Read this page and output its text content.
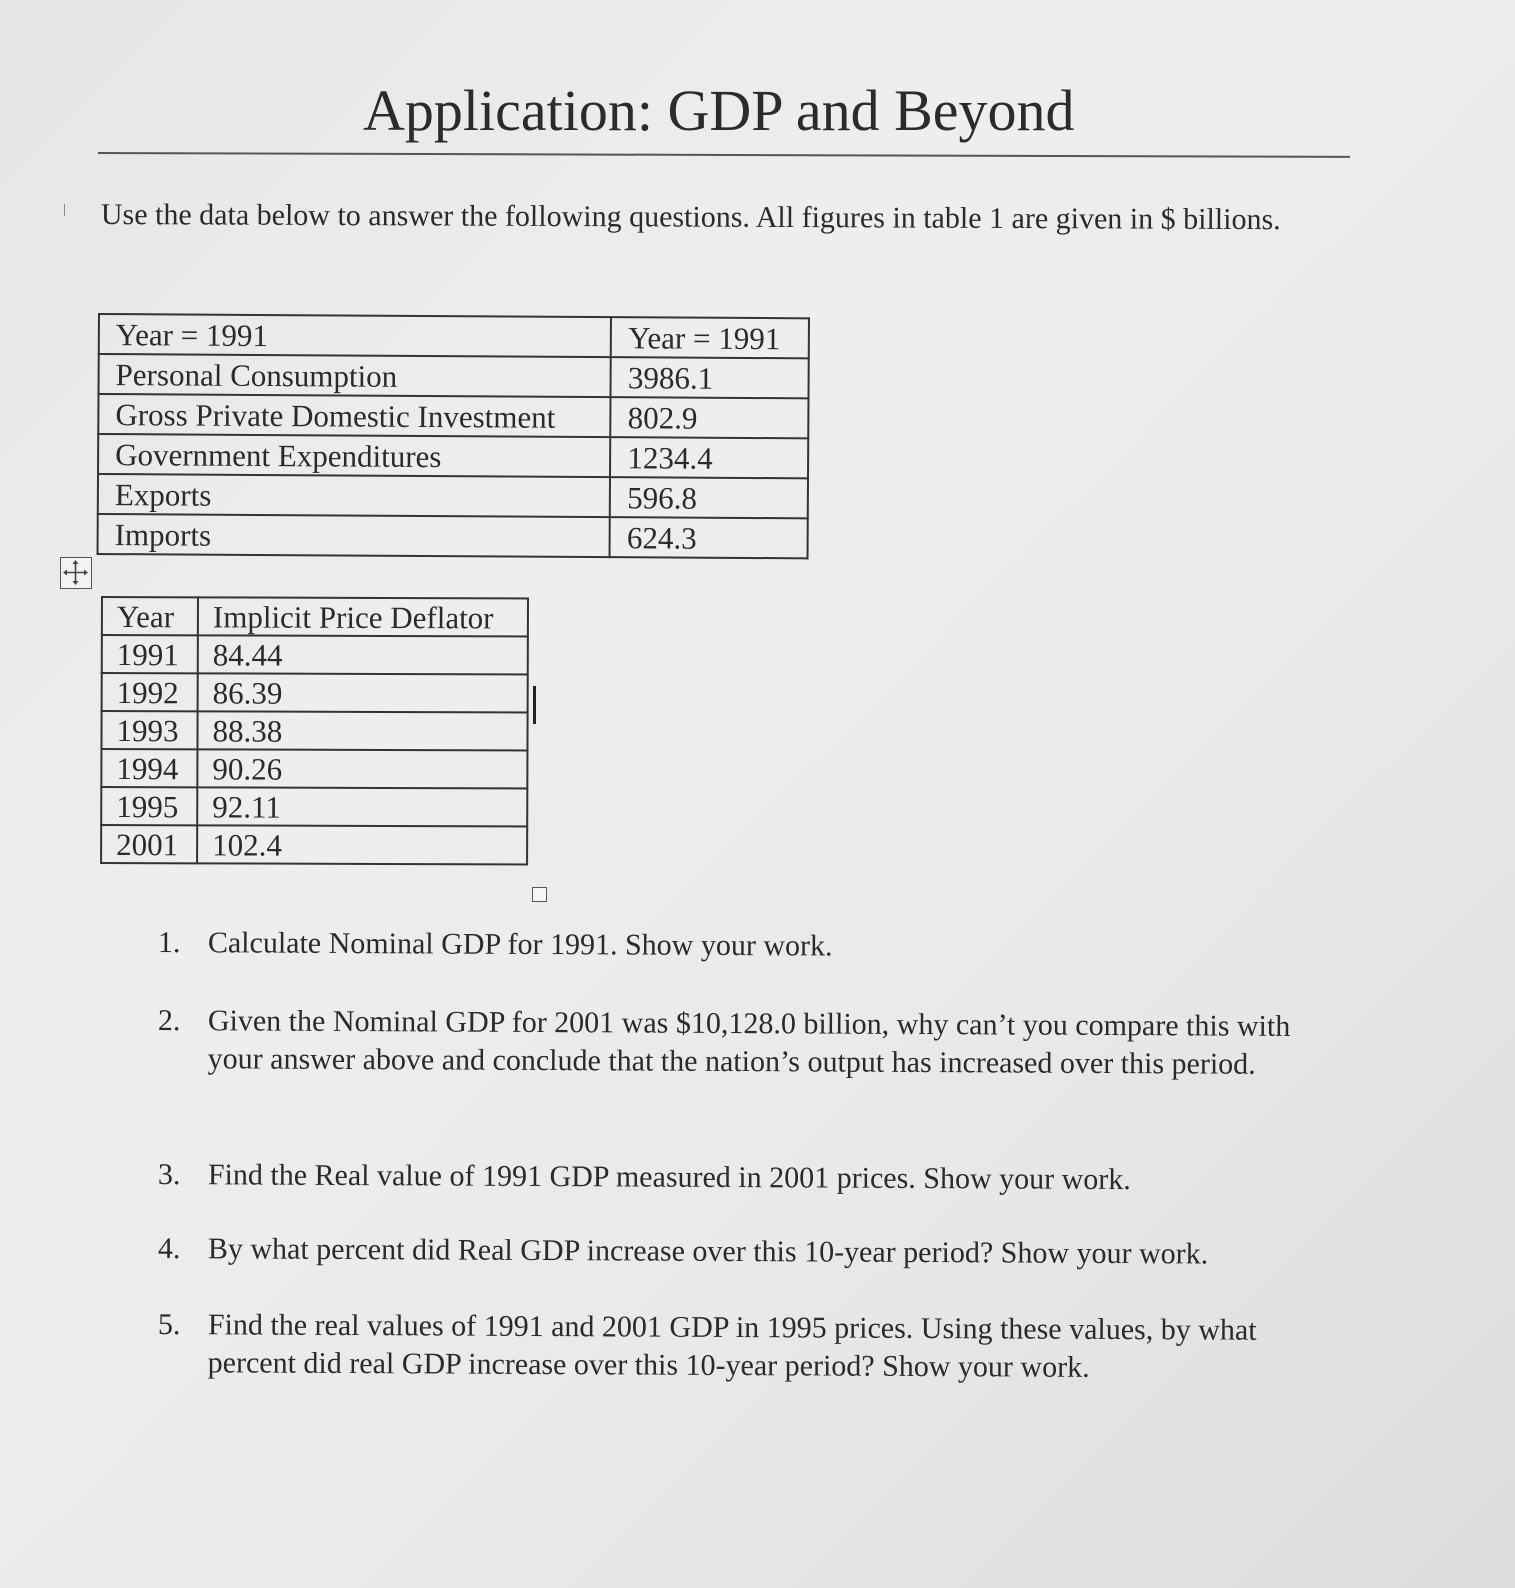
Application: GDP and Beyond
Use the data below to answer the following questions. All figures in table 1 are given in $ billions.
Year = 1991	Year = 1991
Personal Consumption	3986.1
Gross Private Domestic Investment	802.9
Government Expenditures	1234.4
Exports	596.8
Imports	624.3
Year	Implicit Price Deflator
1991	84.44
1992	86.39
1993	88.38
1994	90.26
1995	92.11
2001	102.4
1. Calculate Nominal GDP for 1991. Show your work.
2. Given the Nominal GDP for 2001 was $10,128.0 billion, why can’t you compare this with your answer above and conclude that the nation’s output has increased over this period.
3. Find the Real value of 1991 GDP measured in 2001 prices. Show your work.
4. By what percent did Real GDP increase over this 10-year period? Show your work.
5. Find the real values of 1991 and 2001 GDP in 1995 prices. Using these values, by what percent did real GDP increase over this 10-year period? Show your work.
